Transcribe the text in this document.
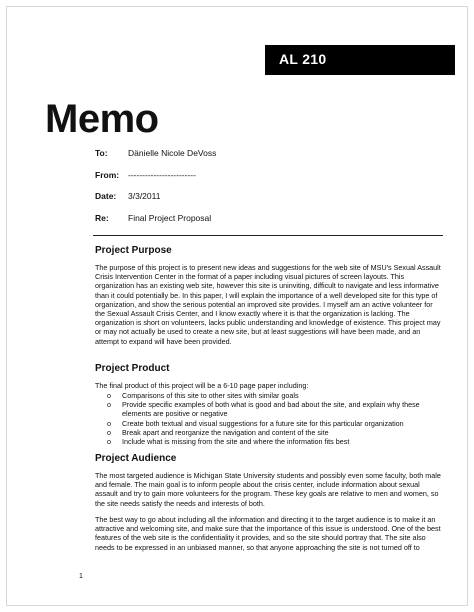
AL 210
Memo
To: Dänielle Nicole DeVoss
From: ------------------------
Date: 3/3/2011
Re: Final Project Proposal
Project Purpose

The purpose of this project is to present new ideas and suggestions for the web site of MSU's Sexual Assault Crisis Intervention Center in the format of a paper including visual pictures of screen layouts. This organization has an existing web site, however this site is uninviting, difficult to navigate and less informative than it could potentially be. In this paper, I will explain the importance of a well developed site for this type of organization, and show the serious potential an improved site provides. I myself am an active volunteer for the Sexual Assault Crisis Center, and I know exactly where it is that the organization is lacking. The organization is short on volunteers, lacks public understanding and knowledge of existence. This project may or may not actually be used to create a new site, but at least suggestions will have been made, and an attempt to expand will have been provided.

Project Product

The final product of this project will be a 6-10 page paper including:

o Comparisons of this site to other sites with similar goals
o Provide specific examples of both what is good and bad about the site, and explain why these elements are positive or negative
o Create both textual and visual suggestions for a future site for this particular organization
o Break apart and reorganize the navigation and content of the site
o Include what is missing from the site and where the information fits best
Project Audience

The most targeted audience is Michigan State University students and possibly even some faculty, both male and female. The main goal is to inform people about the crisis center, include information about sexual assault and try to gain more volunteers for the program. These key goals are relative to men and women, so the site needs satisfy the needs and interests of both.

The best way to go about including all the information and directing it to the target audience is to make it an attractive and welcoming site, and make sure that the importance of this issue is understood. One of the best features of the web site is the confidentiality it provides, and so the site should portray that. The site also needs to be expressed in an unbiased manner, so that anyone approaching the site is not turned off to

1
